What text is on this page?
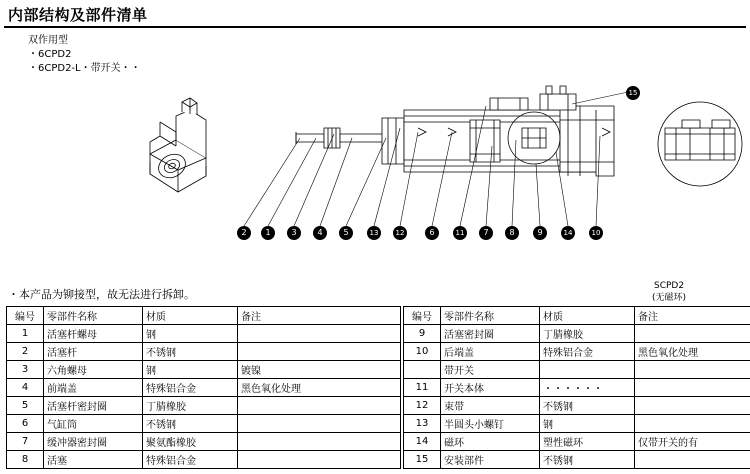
内部结构及部件清单
双作用型
・6CPD2
・6CPD2-L・带开关・・
2	1	3	4	5	13	12	6	11	7	8	9	14	10
15
SCPD2
(无磁环)
・本产品为铆接型，故无法进行拆卸。
编号	零部件名称	材质	备注
1	活塞杆螺母	钢	
2	活塞杆	不锈钢	
3	六角螺母	钢	镀镍
4	前端盖	特殊铝合金	黑色氧化处理
5	活塞杆密封圈	丁腈橡胶	
6	气缸筒	不锈钢	
7	缓冲器密封圈	聚氨酯橡胶	
8	活塞	特殊铝合金	
编号	零部件名称	材质	备注
9	活塞密封圈	丁腈橡胶	
10	后端盖	特殊铝合金	黑色氧化处理
	带开关		
11	开关本体	・・・・・・	
12	束带	不锈钢	
13	半圆头小螺钉	钢	
14	磁环	塑性磁环	仅带开关的有
15	安装部件	不锈钢	
